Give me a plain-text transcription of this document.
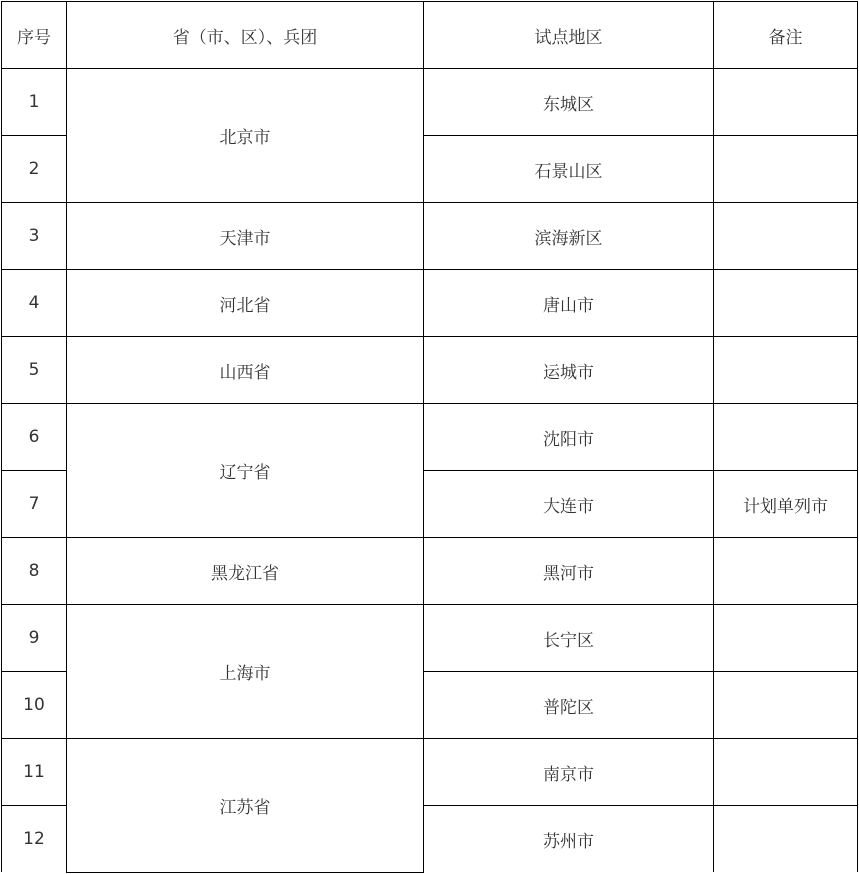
序号	省（市、区）、兵团	试点地区	备注
1	北京市	东城区	
2		石景山区	
3	天津市	滨海新区	
4	河北省	唐山市	
5	山西省	运城市	
6	辽宁省	沈阳市	
7		大连市	计划单列市
8	黑龙江省	黑河市	
9	上海市	长宁区	
10		普陀区	
11	江苏省	南京市	
12		苏州市	
